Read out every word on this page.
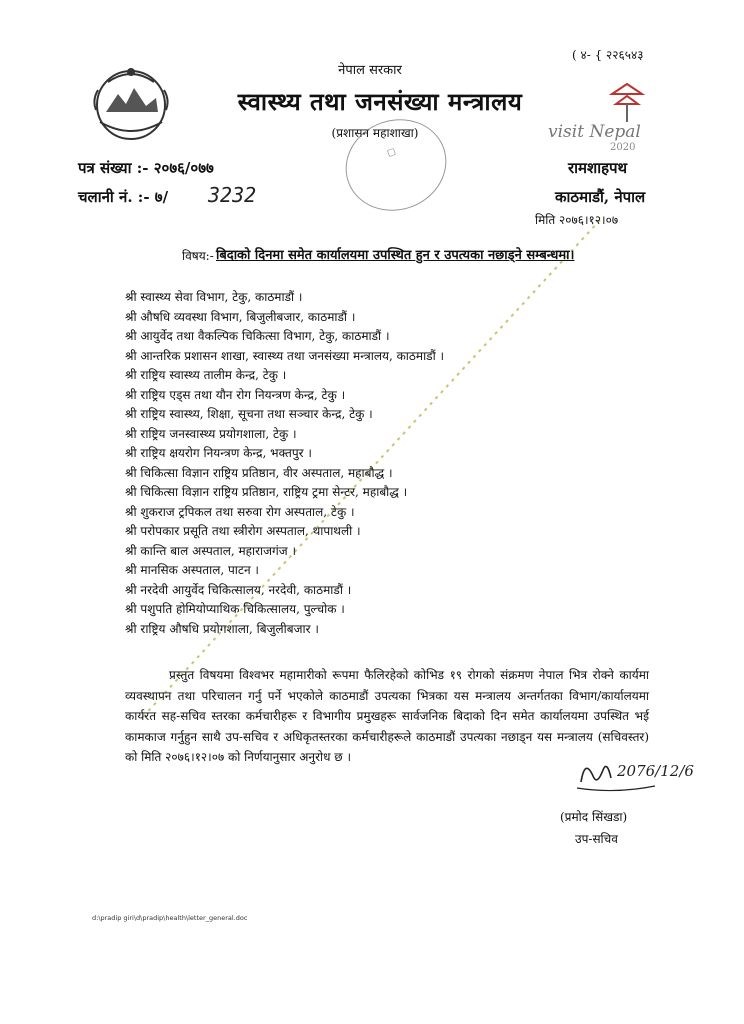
नेपाल सरकार
स्वास्थ्य तथा जनसंख्या मन्त्रालय
(प्रशासन महाशाखा)
▢
( ४- { २२६५४३
visit Nepal
2020
पत्र संख्या :- २०७६/०७७
चलानी नं. :- ७/ 3232
रामशाहपथ
काठमाडौं, नेपाल
मिति २०७६।१२।०७
विषय:- बिदाको दिनमा समेत कार्यालयमा उपस्थित हुन र उपत्यका नछाड्ने सम्बन्धमा।
श्री स्वास्थ्य सेवा विभाग, टेकु, काठमाडौं ।
श्री औषधि व्यवस्था विभाग, बिजुलीबजार, काठमाडौं ।
श्री आयुर्वेद तथा वैकल्पिक चिकित्सा विभाग, टेकु, काठमाडौं ।
श्री आन्तरिक प्रशासन शाखा, स्वास्थ्य तथा जनसंख्या मन्त्रालय, काठमाडौं ।
श्री राष्ट्रिय स्वास्थ्य तालीम केन्द्र, टेकु ।
श्री राष्ट्रिय एड्स तथा यौन रोग नियन्त्रण केन्द्र, टेकु ।
श्री राष्ट्रिय स्वास्थ्य, शिक्षा, सूचना तथा सञ्चार केन्द्र, टेकु ।
श्री राष्ट्रिय जनस्वास्थ्य प्रयोगशाला, टेकु ।
श्री राष्ट्रिय क्षयरोग नियन्त्रण केन्द्र, भक्तपुर ।
श्री चिकित्सा विज्ञान राष्ट्रिय प्रतिष्ठान, वीर अस्पताल, महाबौद्ध ।
श्री चिकित्सा विज्ञान राष्ट्रिय प्रतिष्ठान, राष्ट्रिय ट्रमा सेन्टर, महाबौद्ध ।
श्री शुकराज ट्रपिकल तथा सरुवा रोग अस्पताल, टेकु ।
श्री परोपकार प्रसूति तथा स्त्रीरोग अस्पताल, थापाथली ।
श्री कान्ति बाल अस्पताल, महाराजगंज ।
श्री मानसिक अस्पताल, पाटन ।
श्री नरदेवी आयुर्वेद चिकित्सालय, नरदेवी, काठमाडौं ।
श्री पशुपति होमियोप्याथिक चिकित्सालय, पुल्चोक ।
श्री राष्ट्रिय औषधि प्रयोगशाला, बिजुलीबजार ।

प्रस्तुत विषयमा विश्वभर महामारीको रूपमा फैलिरहेको कोभिड १९ रोगको संक्रमण नेपाल भित्र रोक्ने कार्यमा व्यवस्थापन तथा परिचालन गर्नु पर्ने भएकोले काठमाडौं उपत्यका भित्रका यस मन्त्रालय अन्तर्गतका विभाग/कार्यालयमा कार्यरत सह-सचिव स्तरका कर्मचारीहरू र विभागीय प्रमुखहरू सार्वजनिक बिदाको दिन समेत कार्यालयमा उपस्थित भई कामकाज गर्नुहुन साथै उप-सचिव र अधिकृतस्तरका कर्मचारीहरूले काठमाडौं उपत्यका नछाड्न यस मन्त्रालय (सचिवस्तर) को मिति २०७६।१२।०७ को निर्णयानुसार अनुरोध छ ।

2076/12/6
(प्रमोद सिंखडा)
उप-सचिव
d:\pradip giri\d\pradip\health\letter_general.doc
